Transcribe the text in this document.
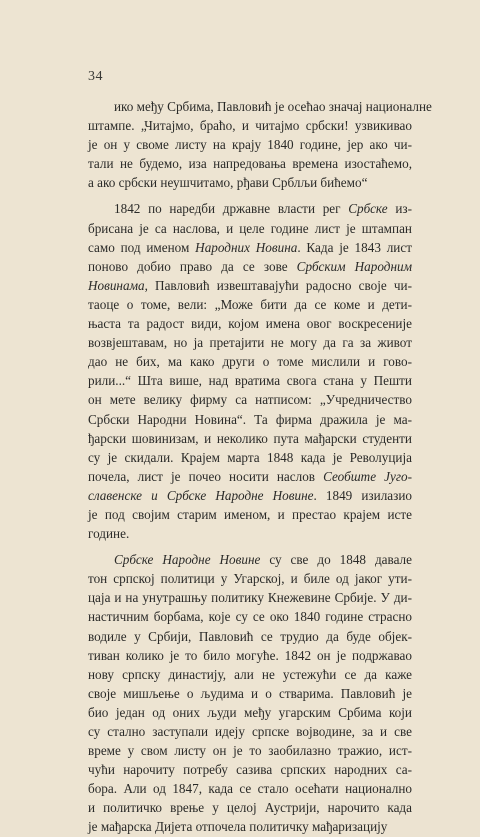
34
ико међу Србима, Павловић је осећао значај националне
штампе. „Читајмо, браћо, и читајмо србски! узвикивао
је он у своме листу на крају 1840 године, јер ако чи-
тали не будемо, иза напредовања времена изостаћемо,
а ако србски неушчитамо, рђави Срблљи бићемо“
1842 по наредби државне власти рег Србске из-
брисана је са наслова, и целе године лист је штампан
само под именом Народних Новина. Када је 1843 лист
поново добио право да се зове Србским Народним
Новинама, Павловић извештавајући радосно своје чи-
таоце о томе, вели: „Може бити да се коме и дети-
њаста та радост види, којом имена овог воскресеније
возвјештавам, но ја претајити не могу да га за живот
дао не бих, ма како други о томе мислили и гово-
рили...“ Шта више, над вратима свога стана у Пешти
он мете велику фирму са натписом: „Учредничество
Србски Народни Новина“. Та фирма дражила је ма-
ђарски шовинизам, и неколико пута мађарски студенти
су је скидали. Крајем марта 1848 када је Револуција
почела, лист је почео носити наслов Сеобште Југо-
славенске и Србске Народне Новине. 1849 изилазио
је под својим старим именом, и престао крајем исте
године.
Србске Народне Новине су све до 1848 давале
тон српској политици у Угарској, и биле од јаког ути-
цаја и на унутрашњу политику Кнежевине Србије. У ди-
настичним борбама, које су се око 1840 године страсно
водиле у Србији, Павловић се трудио да буде објек-
тиван колико је то било могуће. 1842 он је подржавао
нову српску династију, али не устежући се да каже
своје мишљење о људима и о стварима. Павловић је
био један од оних људи међу угарским Србима који
су стално заступали идеју српске војводине, за и све
време у свом листу он је то заобилазно тражио, ист-
чући нарочиту потребу сазива српских народних са-
бора. Али од 1847, када се стало осећати национално
и политичко врење у целој Аустрији, нарочито када
је мађарска Дијета отпочела политичку мађаризацију
